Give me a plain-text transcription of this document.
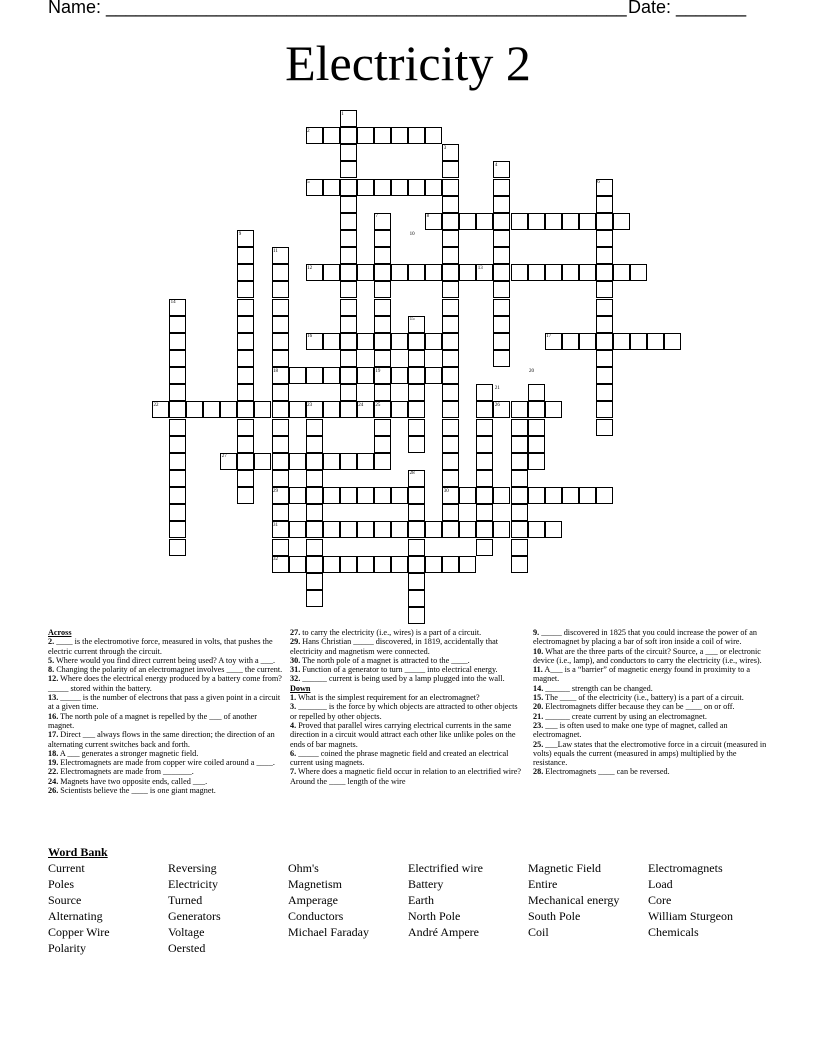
Name: ____________________________________________________ Date: _______
Electricity 2
1
2
3
4
5	6
7	8
9	10
11
12	13
14
15
16	17
18	19	20
21
22	23	24 25	26
27
28
29	30
31
32

Across

2. ____ is the electromotive force, measured in volts, that pushes the electric current through the circuit.

5. Where would you find direct current being used? A toy with a ___.

8. Changing the polarity of an electromagnet involves ____ the current.

12. Where does the electrical energy produced by a battery come from? _____ stored within the battery.

13. _____ is the number of electrons that pass a given point in a circuit at a given time.

16. The north pole of a magnet is repelled by the ___ of another magnet.

17. Direct ___ always flows in the same direction; the direction of an alternating current switches back and forth.

18. A ___ generates a stronger magnetic field.

19. Electromagnets are made from copper wire coiled around a ____.

22. Electromagnets are made from _______.

24. Magnets have two opposite ends, called ___.

26. Scientists believe the ____ is one giant magnet.

27. to carry the electricity (i.e., wires) is a part of a circuit.

29. Hans Christian _____ discovered, in 1819, accidentally that electricity and magnetism were connected.

30. The north pole of a magnet is attracted to the ____.

31. Function of a generator to turn _____ into electrical energy.

32. ______ current is being used by a lamp plugged into the wall.

Down

1. What is the simplest requirement for an electromagnet?

3. _______ is the force by which objects are attracted to other objects or repelled by other objects.

4. Proved that parallel wires carrying electrical currents in the same direction in a circuit would attract each other like unlike poles on the ends of bar magnets.

6. _____ coined the phrase magnetic field and created an electrical current using magnets.

7. Where does a magnetic field occur in relation to an electrified wire? Around the ____ length of the wire

9. _____ discovered in 1825 that you could increase the power of an electromagnet by placing a bar of soft iron inside a coil of wire.

10. What are the three parts of the circuit? Source, a ___ or electronic device (i.e., lamp), and conductors to carry the electricity (i.e., wires).

11. A___ is a “barrier” of magnetic energy found in proximity to a magnet.

14. ______ strength can be changed.

15. The ____ of the electricity (i.e., battery) is a part of a circuit.

20. Electromagnets differ because they can be ____ on or off.

21. ______ create current by using an electromagnet.

23. ___ is often used to make one type of magnet, called an electromagnet.

25. ___Law states that the electromotive force in a circuit (measured in volts) equals the current (measured in amps) multiplied by the resistance.

28. Electromagnets ____ can be reversed.

Word Bank
Current
Poles
Source
Alternating
Copper Wire
Polarity
Reversing
Electricity
Turned
Generators
Voltage
Oersted
Ohm's
Magnetism
Amperage
Conductors
Michael Faraday
Electrified wire
Battery
Earth
North Pole
André Ampere
Magnetic Field
Entire
Mechanical energy
South Pole
Coil
Electromagnets
Load
Core
William Sturgeon
Chemicals
